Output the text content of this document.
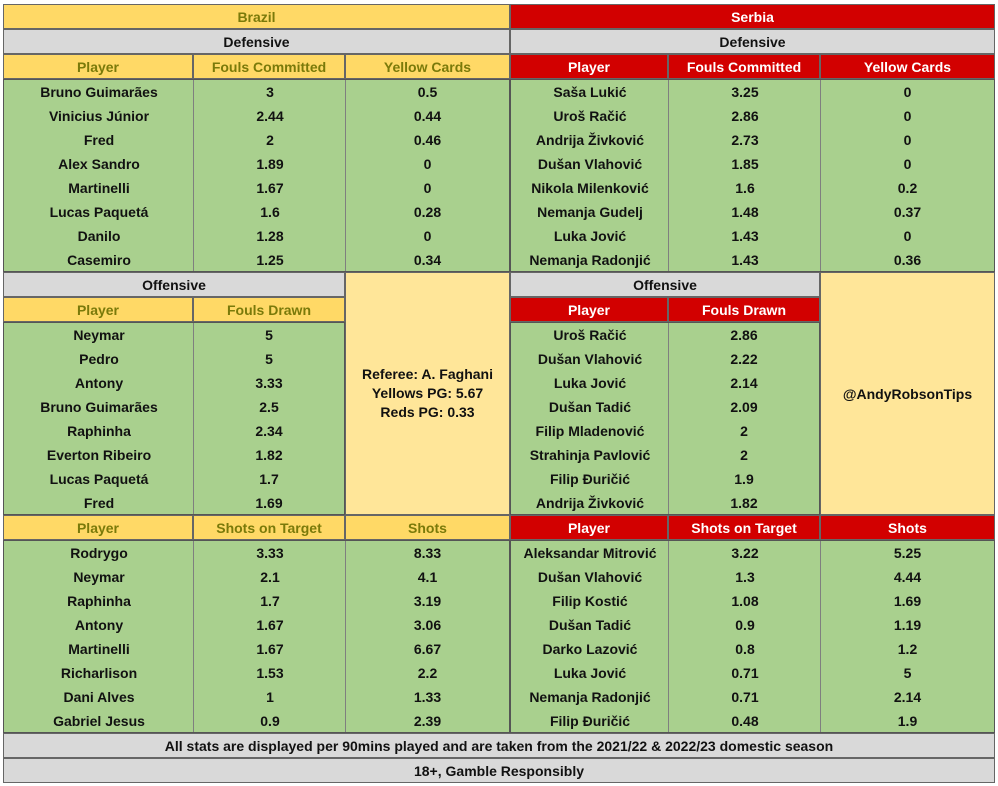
Brazil	Serbia
Defensive	Defensive
Player	Fouls Committed	Yellow Cards	Player	Fouls Committed	Yellow Cards
Bruno Guimarães	3	0.5
Vinicius Júnior	2.44	0.44
Fred	2	0.46
Alex Sandro	1.89	0
Martinelli	1.67	0
Lucas Paquetá	1.6	0.28
Danilo	1.28	0
Casemiro	1.25	0.34
Saša Lukić	3.25	0
Uroš Račić	2.86	0
Andrija Živković	2.73	0
Dušan Vlahović	1.85	0
Nikola Milenković	1.6	0.2
Nemanja Gudelj	1.48	0.37
Luka Jović	1.43	0
Nemanja Radonjić	1.43	0.36
Offensive	Offensive
Player	Fouls Drawn	Player	Fouls Drawn
Neymar	5
Pedro	5
Antony	3.33
Bruno Guimarães	2.5
Raphinha	2.34
Everton Ribeiro	1.82
Lucas Paquetá	1.7
Fred	1.69
Uroš Račić	2.86
Dušan Vlahović	2.22
Luka Jović	2.14
Dušan Tadić	2.09
Filip Mladenović	2
Strahinja Pavlović	2
Filip Đuričić	1.9
Andrija Živković	1.82
Referee: A. Faghani
Yellows PG: 5.67
Reds PG: 0.33
@AndyRobsonTips
Player	Shots on Target	Shots	Player	Shots on Target	Shots
Rodrygo	3.33	8.33
Neymar	2.1	4.1
Raphinha	1.7	3.19
Antony	1.67	3.06
Martinelli	1.67	6.67
Richarlison	1.53	2.2
Dani Alves	1	1.33
Gabriel Jesus	0.9	2.39
Aleksandar Mitrović	3.22	5.25
Dušan Vlahović	1.3	4.44
Filip Kostić	1.08	1.69
Dušan Tadić	0.9	1.19
Darko Lazović	0.8	1.2
Luka Jović	0.71	5
Nemanja Radonjić	0.71	2.14
Filip Đuričić	0.48	1.9
All stats are displayed per 90mins played and are taken from the 2021/22 & 2022/23 domestic season
18+, Gamble Responsibly
